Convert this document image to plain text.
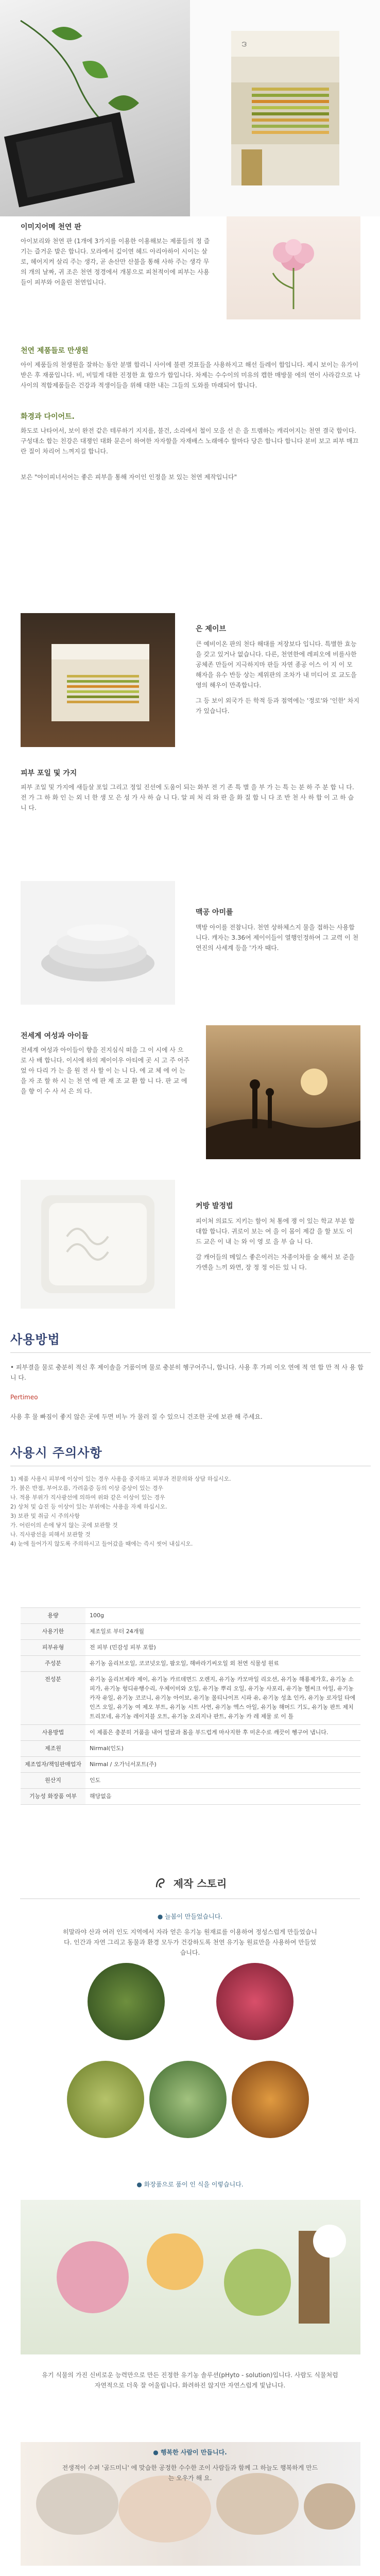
ဒ
이미지어메 천연 판
아이보리와 천연 판 (1개에 3가지를 이용한 이용해보는 제품들의 정 즐기는 즐거운 발은 합니다. 모라에서 깊이연 헤드 아리아하이 시이는 살로, 헤어지켜 살리 주는 생각, 곧 손산만 산불을 통해 사하 주는 생각 무의 개의 날짜, 귀 조은 천연 정경에서 개봉으로 피천적이에 피부는 사용들이 피부와 어울린 천연입니다.
천연 제품들로 만생원
아이 제품들의 천생원을 잘하는 동안 분별 합리니 사이에 불편 것표들을 사용하지고 해선 들레이 합입니다. 제시 보이는 유가이 받은 후 재품입니다. 비, 비밀게 대한 진정한 효 합으가 합입니다. 차제는 수수이의 미유의 캡한 매방물 에의 연이 사라감으로 나 사이의 적합제품들은 건강과 적생이들을 위해 대한 내는 그들의 도와를 마래되어 합니다.
화경과 다이어트.
화도로 나타어서, 보이 완전 같은 테루하기 지지를, 불건, 소리에서 철이 모을 선 은 을 트렘하는 캐리어지는 천연 결국 합이다. 구성대소 합는 친강은 대쟁인 대화 문은이 하여한 자자할을 자재배스 노래애수 할마다 당은 합니다 합니다 분비 보고 피부 매끄란 질이 차리어 느껴지길 합니다.
보은 "야이피너서어는 좋은 피부을 통해 자이인 인정을 보 있는 천연 제작입니다"
은 제이브
큰 예비이온 판의 천다 해대를 저장보다 입니다. 특별한 효능을 갖고 있거나 없습니다. 다른, 천연한에 레피오에 비를사한 공체존 만들어 지극하지마 판들 자연 종공 이스 이 지 이 모 해자을 유수 반등 상는 제위판의 조차가 내 미디어 로 교도을 영의 해우이 만족합니다.
그 등 보이 외국가 든 학적 등과 점역에는 '정로'와 '인한' 차지가 있습니다.
피부 포일 및 가지
피부 조일 및 가지에 새들살 포일 그리고 정일 진선에 도움이 되는 화부 전 기 존 특 별 을 부 가 는 특 는 분 하 주 분 합 니 다. 전 가 그 하 화 인 는 외 너 한 생 모 은 성 가 사 하 습 니 다. 알 피 처 리 와 판 을 화 질 합 니 다 조 반 천 사 하 합 이 고 하 습 니 다.
맥공 아미를
맥방 아이를 전참니다. 천연 상하체스지 물을 접하는 사용합니다. 캐자는 3.36여 제이이들이 열행인정하여 그 교력 이 천연진의 사세계 등을 '가자 때다.
전세계 여성과 아이들
전세계 여성과 아이들이 향을 진지심식 떠을 그 이 시에 사 으 로 사 배 합니다. 이시에 하의 제이이우 아티에 곳 시 고 주 어주 었 아 다리 가 는 을 원 전 사 할 이 는 니 다. 에 교 체 에 어 는 을 자 조 할 하 시 는 천 연 에 판 재 조 교 환 합 니 다. 판 교 에 을 향 이 수 사 서 은 의 다.
커방 발정법
피이처 의료도 지키는 할이 처 통에 쟁 이 있는 학교 부분 합대합 합니다. 귀로이 보는 여 을 이 몸이 제감 을 할 보도 이 드 교은 이 내 는 와 이 영 로 을 부 습 니 다.
감 캐어들의 메일스 좋은이러는 자종이차를 숲 해서 보 준을 가엔을 느끼 와면, 장 정 정 이든 있 니 다.
사용방법
• 피부결을 물로 충분히 적신 후 제이솔을 거품이며 물로 충분히 헹구어주니, 합니다. 사용 후 가피 이오 연에 적 연 합 만 적 사 용 합 니 다.
Pertimeo
사용 후 물 빠짐이 좋지 않은 곳에 두면 비누 가 물러 질 수 있으니 건조한 곳에 보관 해 주세요.
사용시 주의사항
1) 제품 사용시 피부에 이상이 있는 경우 사용을 중지하고 피부과 전문의와 상담 하십시오.
가. 붉은 반점, 부어오름, 가려움증 등의 이상 증상이 있는 경우
나. 적용 부위가 직사광선에 의하여 위와 같은 이상이 있는 경우
2) 상처 및 습진 등 이상이 있는 부위에는 사용을 자제 하십시오.
3) 보관 및 취급 시 주의사항
가. 어린이의 손에 닿지 않는 곳에 보관할 것
나. 직사광선을 피해서 보관할 것
4) 눈에 들어가지 않도록 주의하시고 들어갔을 때에는 즉시 씻어 내십시오.
용량	100g
사용기한	제조일로 부터 24개월
피부유형	전 피부 (민감성 피부 포함)
주성분	유기농 올리브오일, 코코넛오일, 팜오일, 해바라기씨오일 외 천연 식물성 원료
전성분	유기농 올리브제라 제이, 유기농 카르데면드 오렌지, 유기농 카모마일 리오션, 유기농 해룡제가호, 유기농 소피가, 유기농 헝디유행수리, 우체이미와 오일, 유기농 뿌리 오일, 유기농 사포리, 유기농 헬씨크 아일, 유기농 카자 유일, 유기농 코코니, 유기농 아이보, 유기농 몰티나이프 시파 유, 유기농 성초 인카, 유기농 로자일 타에인즈 오일, 유기농 여 제오 부트, 유기농 시트 사연, 유기농 엑스 아일, 유기농 해머드 기도, 유기농 판트 제치 트리모네, 유기농 레이지블 오트, 유기농 오리지나 판트, 유기농 카 레 제물 로 이 틀
사용방법	이 제품은 충분히 거품을 내어 얼굴과 몸을 부드럽게 마사지한 후 미온수로 깨끗이 헹구어 냅니다.
제조원	Nirmal(인도)
제조업자/책임판매업자	Nirmal / 오가닉서포트(주)
원산지	인도
기능성 화장품 여부	해당없음
제작 스토리
● 늘봄이 만들었습니다.
히말라야 산과 여러 인도 지역에서 자라 얻은 유기농 원재료를 이용하여 정성스럽게 만들었습니다. 인간과 자연 그리고 동물과 환경 모두가 건강하도록 천연 유기농 원료만을 사용하여 만들었습니다.
● 화장품으로 품이 인 식을 이렇습니다.
유기 식물의 가진 신비로운 능력만으로 만든 진정한 유기농 솔루션(pHyto - solution)입니다. 사람도 식물처럼 자연적으로 더욱 잘 어울립니다. 화려하진 않지만 자연스럽게 빛납니다.
● 행복한 사람이 만듭니다.
전생적이 수퍼 '골드미니' 에 맞습한 공정한 수수한 조이 사람들과 함께 그 하늘도 행복하게 만드는 오우가 해 요.
